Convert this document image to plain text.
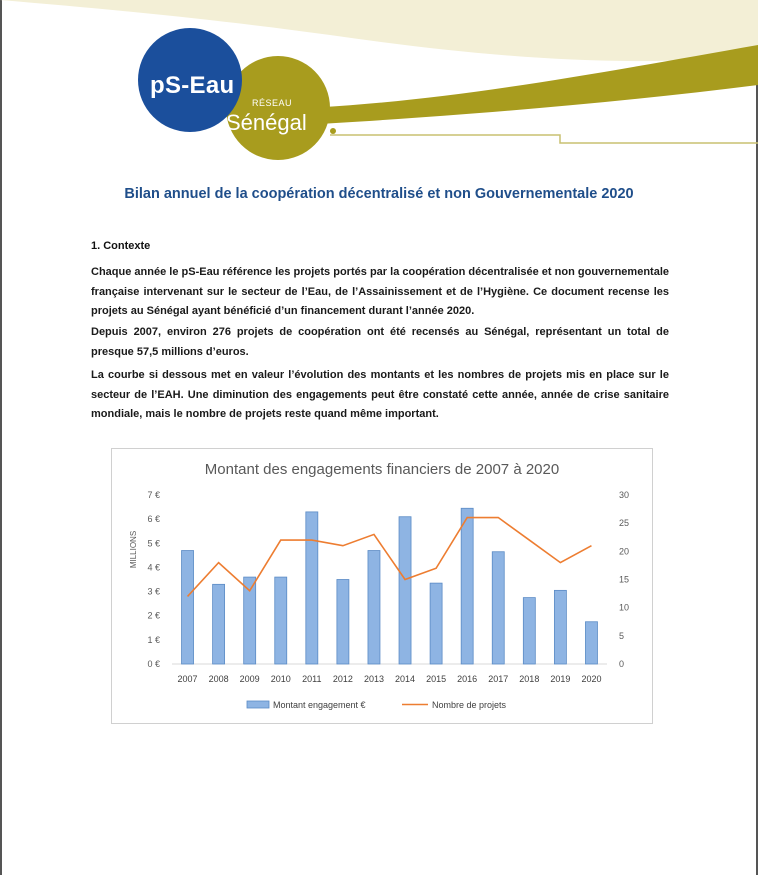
pS-Eau
RÉSEAU
Sénégal
Bilan annuel de la coopération décentralisé et non Gouvernementale 2020
1. Contexte

Chaque année le pS-Eau référence les projets portés par la coopération décentralisée et non gouvernementale française intervenant sur le secteur de l’Eau, de l’Assainissement et de l’Hygiène. Ce document recense les projets au Sénégal ayant bénéficié d’un financement durant l’année 2020.

Depuis 2007, environ 276 projets de coopération ont été recensés au Sénégal, représentant un total de presque 57,5 millions d’euros.

La courbe si dessous met en valeur l’évolution des montants et les nombres de projets mis en place sur le secteur de l’EAH. Une diminution des engagements peut être constaté cette année, année de crise sanitaire mondiale, mais le nombre de projets reste quand même important.

Montant des engagements financiers de 2007 à 2020
0 €
1 €
2 €
3 €
4 €
5 €
6 €
7 €
0
5
10
15
20
25
30
MILLIONS
2007 2008 2009 2010 2011 2012 2013 2014 2015 2016 2017 2018 2019 2020
Montant engagement €	Nombre de projets
